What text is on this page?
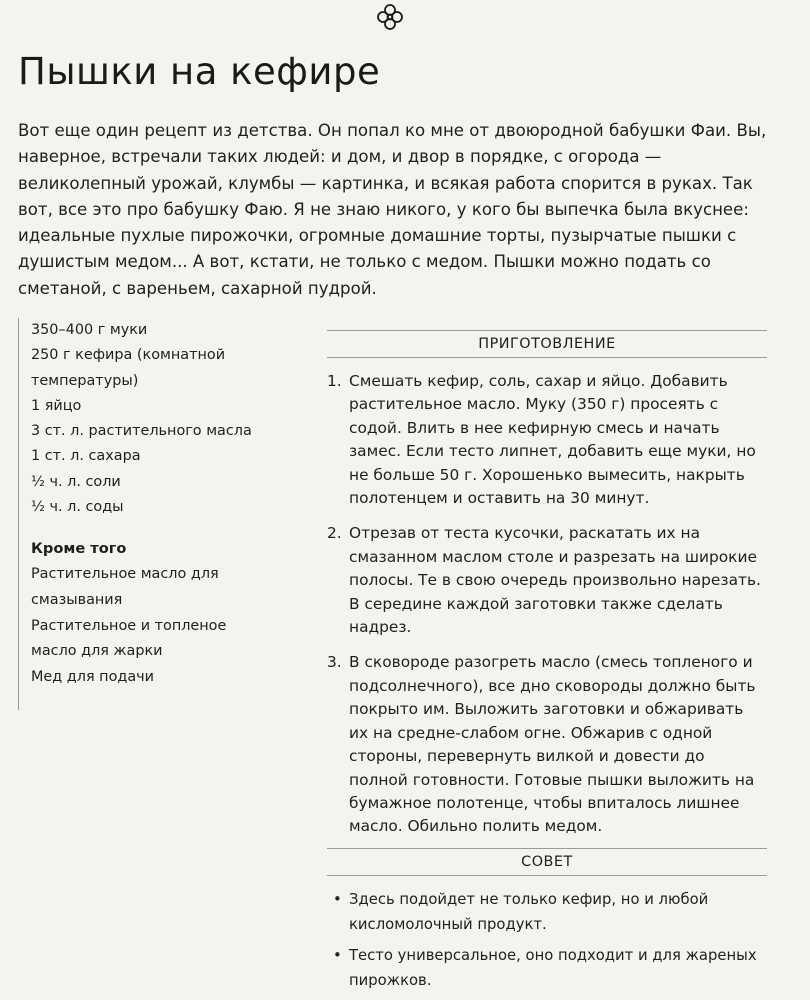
Пышки на кефире

Вот еще один рецепт из детства. Он попал ко мне от двоюродной бабушки Фаи. Вы, наверное, встречали таких людей: и дом, и двор в порядке, с огорода — великолепный урожай, клумбы — картинка, и всякая работа спорится в руках. Так вот, все это про бабушку Фаю. Я не знаю никого, у кого бы выпечка была вкуснее: идеальные пухлые пирожочки, огромные домашние торты, пузырчатые пышки с душистым медом... А вот, кстати, не только с медом. Пышки можно подать со сметаной, с вареньем, сахарной пудрой.

350–400 г муки
250 г кефира (комнатной температуры)
1 яйцо
3 ст. л. растительного масла
1 ст. л. сахара
½ ч. л. соли
½ ч. л. соды
Кроме того
Растительное масло для смазывания
Растительное и топленое масло для жарки
Мед для подачи
ПРИГОТОВЛЕНИЕ
1. Смешать кефир, соль, сахар и яйцо. Добавить растительное масло. Муку (350 г) просеять с содой. Влить в нее кефирную смесь и начать замес. Если тесто липнет, добавить еще муки, но не больше 50 г. Хорошенько вымесить, накрыть полотенцем и оставить на 30 минут.
2. Отрезав от теста кусочки, раскатать их на смазанном маслом столе и разрезать на широкие полосы. Те в свою очередь произвольно нарезать. В середине каждой заготовки также сделать надрез.
3. В сковороде разогреть масло (смесь топленого и подсолнечного), все дно сковороды должно быть покрыто им. Выложить заготовки и обжаривать их на средне-слабом огне. Обжарив с одной стороны, перевернуть вилкой и довести до полной готовности. Готовые пышки выложить на бумажное полотенце, чтобы впиталось лишнее масло. Обильно полить медом.
СОВЕТ
• Здесь подойдет не только кефир, но и любой кисломолочный продукт.
• Тесто универсальное, оно подходит и для жареных пирожков.
